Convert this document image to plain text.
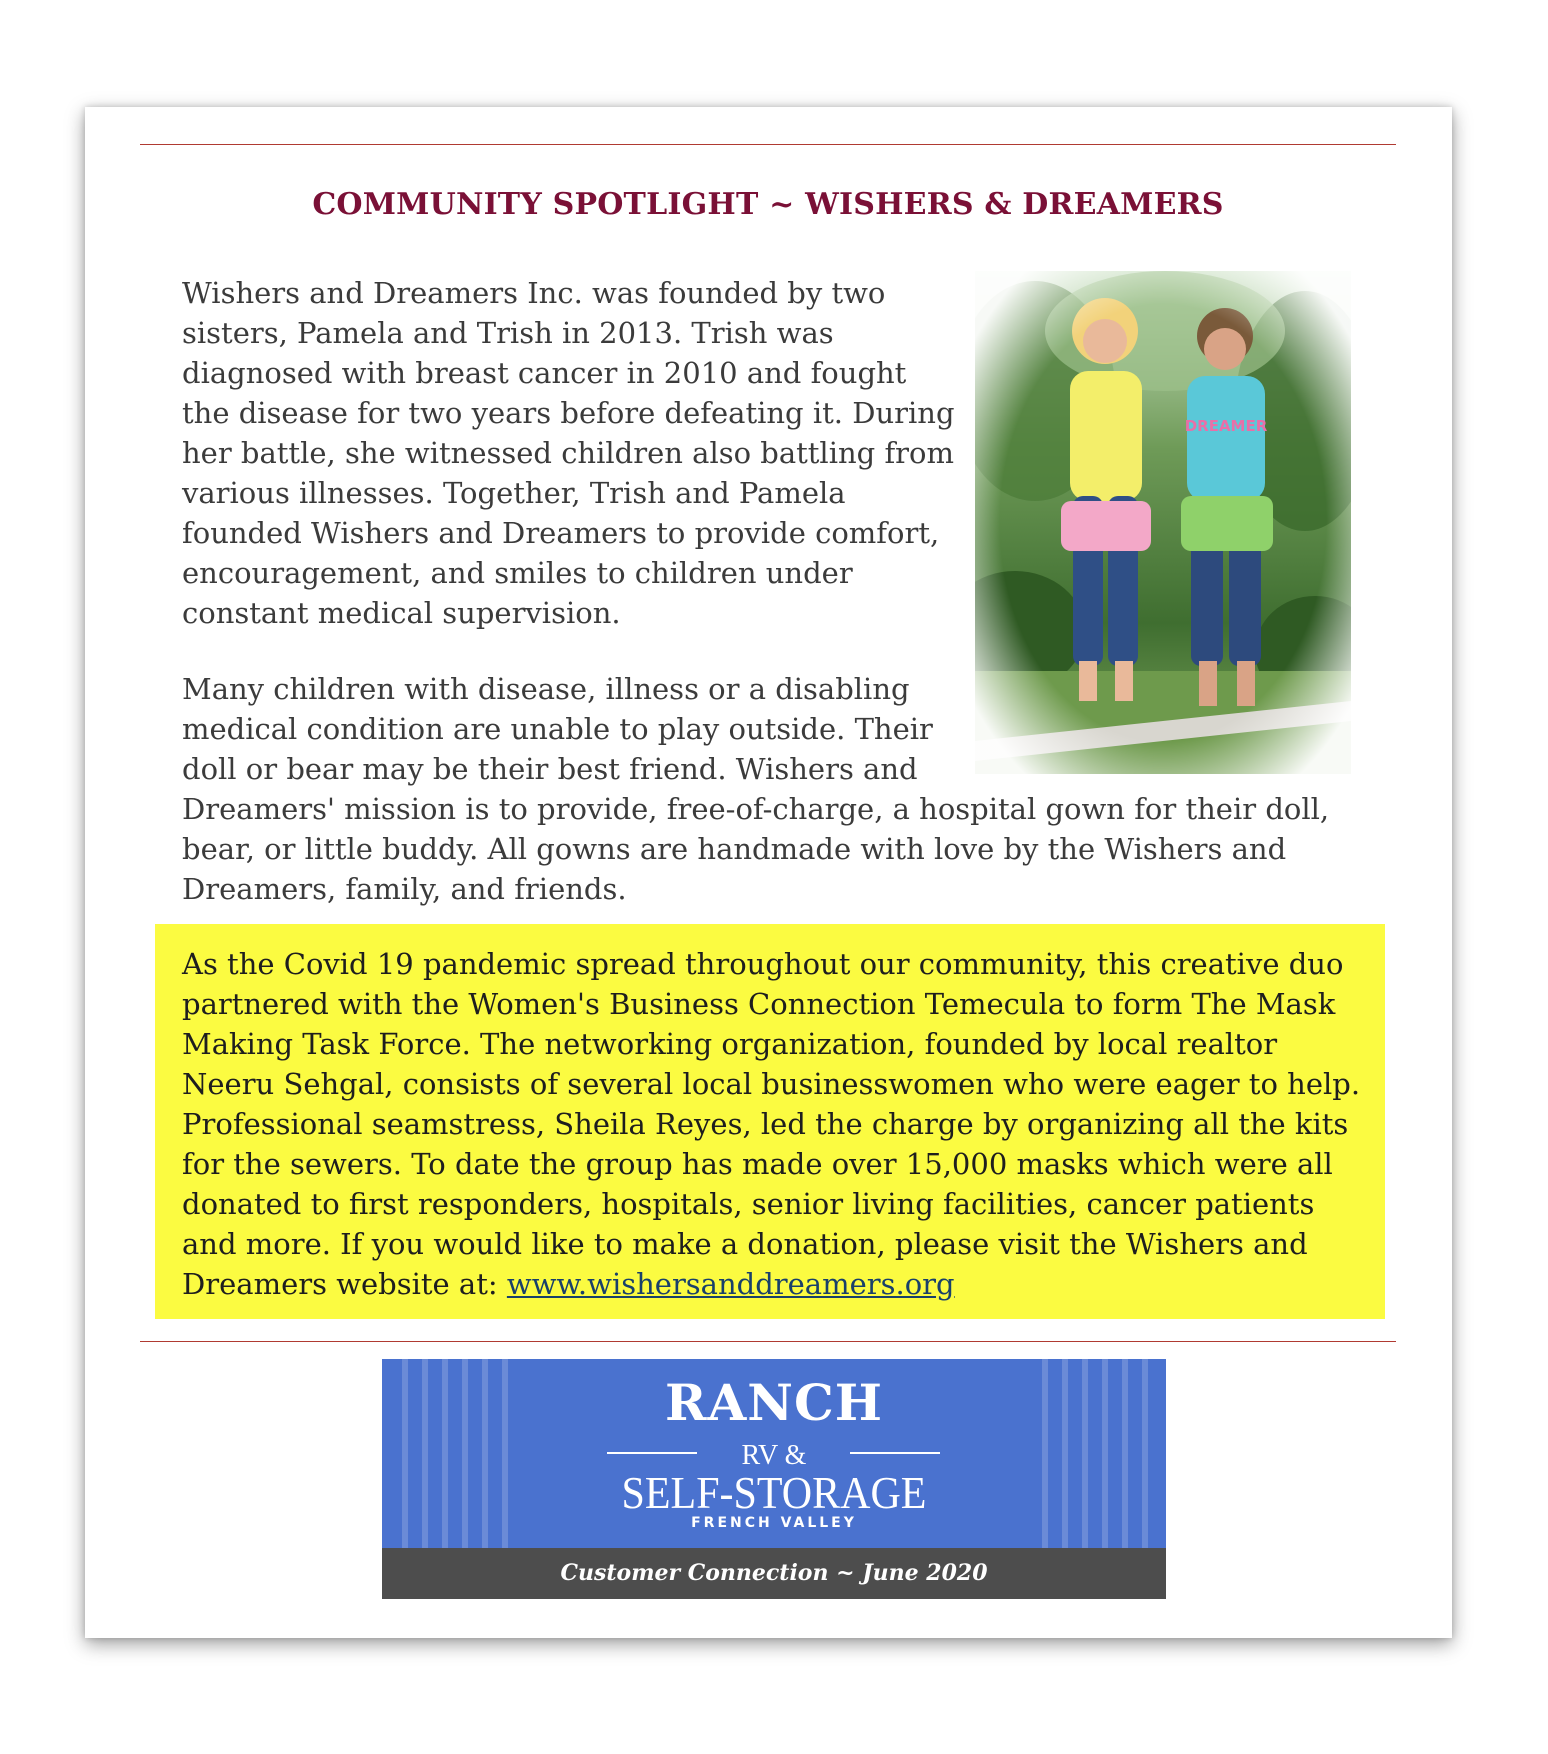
COMMUNITY SPOTLIGHT ~ WISHERS & DREAMERS

Wishers and Dreamers Inc. was founded by two sisters, Pamela and Trish in 2013. Trish was diagnosed with breast cancer in 2010 and fought the disease for two years before defeating it. During her battle, she witnessed children also battling from various illnesses. Together, Trish and Pamela founded Wishers and Dreamers to provide comfort, encouragement, and smiles to children under constant medical supervision.

Many children with disease, illness or a disabling
medical condition are unable to play outside. Their
doll or bear may be their best friend. Wishers and
Dreamers' mission is to provide, free-of-charge, a hospital gown for their doll,
bear, or little buddy. All gowns are handmade with love by the Wishers and
Dreamers, family, and friends.

As the Covid 19 pandemic spread throughout our community, this creative duo
partnered with the Women's Business Connection Temecula to form The Mask
Making Task Force. The networking organization, founded by local realtor
Neeru Sehgal, consists of several local businesswomen who were eager to help.
Professional seamstress, Sheila Reyes, led the charge by organizing all the kits
for the sewers. To date the group has made over 15,000 masks which were all
donated to first responders, hospitals, senior living facilities, cancer patients
and more. If you would like to make a donation, please visit the Wishers and
Dreamers website at: www.wishersanddreamers.org

RANCH
RV &
SELF-STORAGE
FRENCH VALLEY
Customer Connection ~ June 2020
